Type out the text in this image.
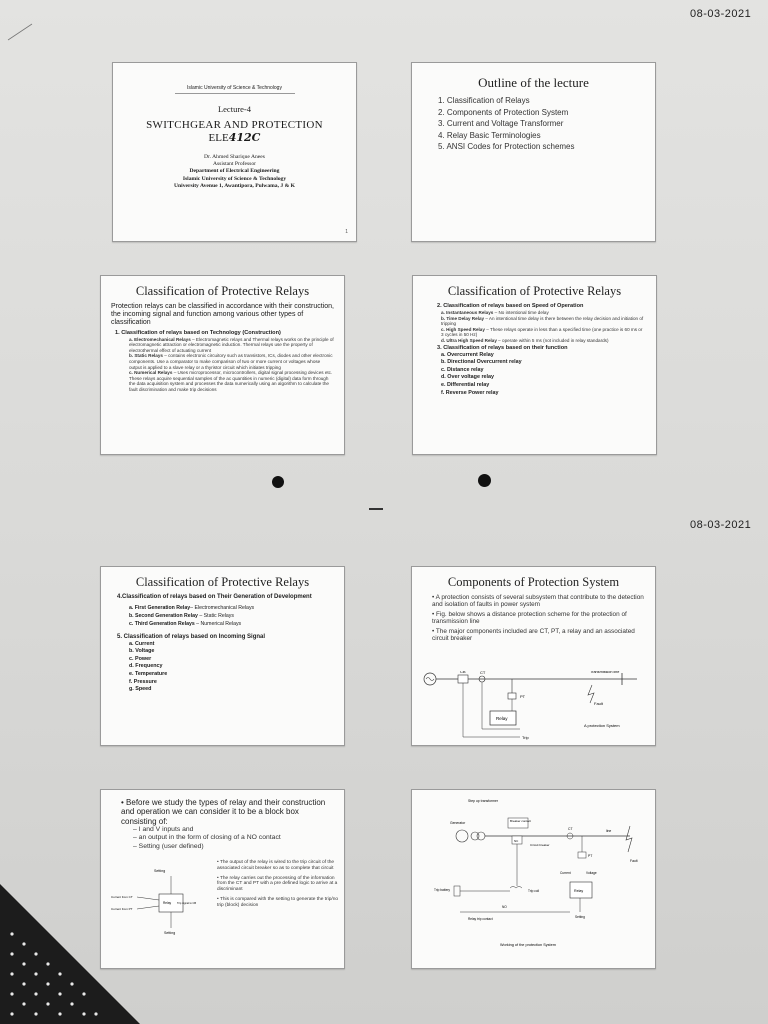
08-03-2021
08-03-2021
Islamic University of Science & Technology
Lecture-4
SWITCHGEAR AND PROTECTION
ELE412C
Dr. Ahmed Sharique Anees
Assistant Professor
Department of Electrical Engineering
Islamic University of Science & Technology
University Avenue 1, Awantipora, Pulwama, J & K
1
Outline of the lecture
1. Classification of Relays
2. Components of Protection System
3. Current and Voltage Transformer
4. Relay Basic Terminologies
5. ANSI Codes for Protection schemes
Classification of Protective Relays
Protection relays can be classified in accordance with their construction, the incoming signal and function among various other types of classification
1. Classification of relays based on Technology (Construction)
a. Electromechanical Relays – Electromagnetic relays and Thermal relays works on the principle of electromagnetic attraction or electromagnetic induction. Thermal relays use the property of electrothermal effect of actuating current
b. Static Relays – contains electronic circuitory such as transistors, ICs, diodes and other electronic components. Use a comparator to make comparison of two or more current or voltages whose output is applied to a slave relay or a thyristor circuit which initiates tripping
c. Numerical Relays – Uses microprocessor, microcontrollers, digital signal processing devices etc. These relays acquire sequential samples of the ac quantities in numeric (digital) data form through the data acquisition system and processes the data numerically using an algorithm to calculate the fault discrimination and make trip decisions
Classification of Protective Relays
2. Classification of relays based on Speed of Operation
a. Instantaneous Relays – No intentional time delay
b. Time Delay Relay – An intentional time delay is there between the relay decision and initiation of tripping
c. High Speed Relay – These relays operate in less than a specified time (one practice is 60 ms or 3 cycles in 50 Hz)
d. Ultra High Speed Relay – operate within 5 ms (not included in relay standards)
3. Classification of relays based on their function
a. Overcurrent Relay
b. Directional Overcurrent relay
c. Distance relay
d. Over voltage relay
e. Differential relay
f. Reverse Power relay
Classification of Protective Relays
4.Classification of relays based on Their Generation of Development
a. First Generation Relay– Electromechanical Relays
b. Second Generation Relay – Static Relays
c. Third Generation Relays – Numerical Relays
5. Classification of relays based on Incoming Signal
a. Current
b. Voltage
c. Power
d. Frequency
e. Temperature
f. Pressure
g. Speed
Components of Protection System
• A protection consists of several subsystem that contribute to the detection and isolation of faults in power system
• Fig. below shows a distance protection scheme for the protection of transmission line
• The major components included are CT, PT, a relay and an associated circuit breaker
CB	CT	Transmission line
PT
Fault
Relay
Trip
A protection System
• Before we study the types of relay and their construction and operation we can consider it to be a block box consisting of:
– I and V inputs and
– an output in the form of closing of a NO contact
– Setting (user defined)
Setting
Current from CT
Current from PT
Relay Trip signal to CB
Setting
• The output of the relay is wired to the trip circuit of the associated circuit breaker so as to complete that circuit
• The relay carries out the processing of the information from the CT and PT with a pre defined logic to arrive at a discriminant
• This is compared with the setting to generate the trip/no trip (block) decision
Step up transformer
Generator	Breaker contact
NC
Circuit breaker
CT	line
Fault
PT
Current	Voltage
Relay
Setting
Trip battery	Trip coil
NO
Relay trip contact
Working of the protection System
